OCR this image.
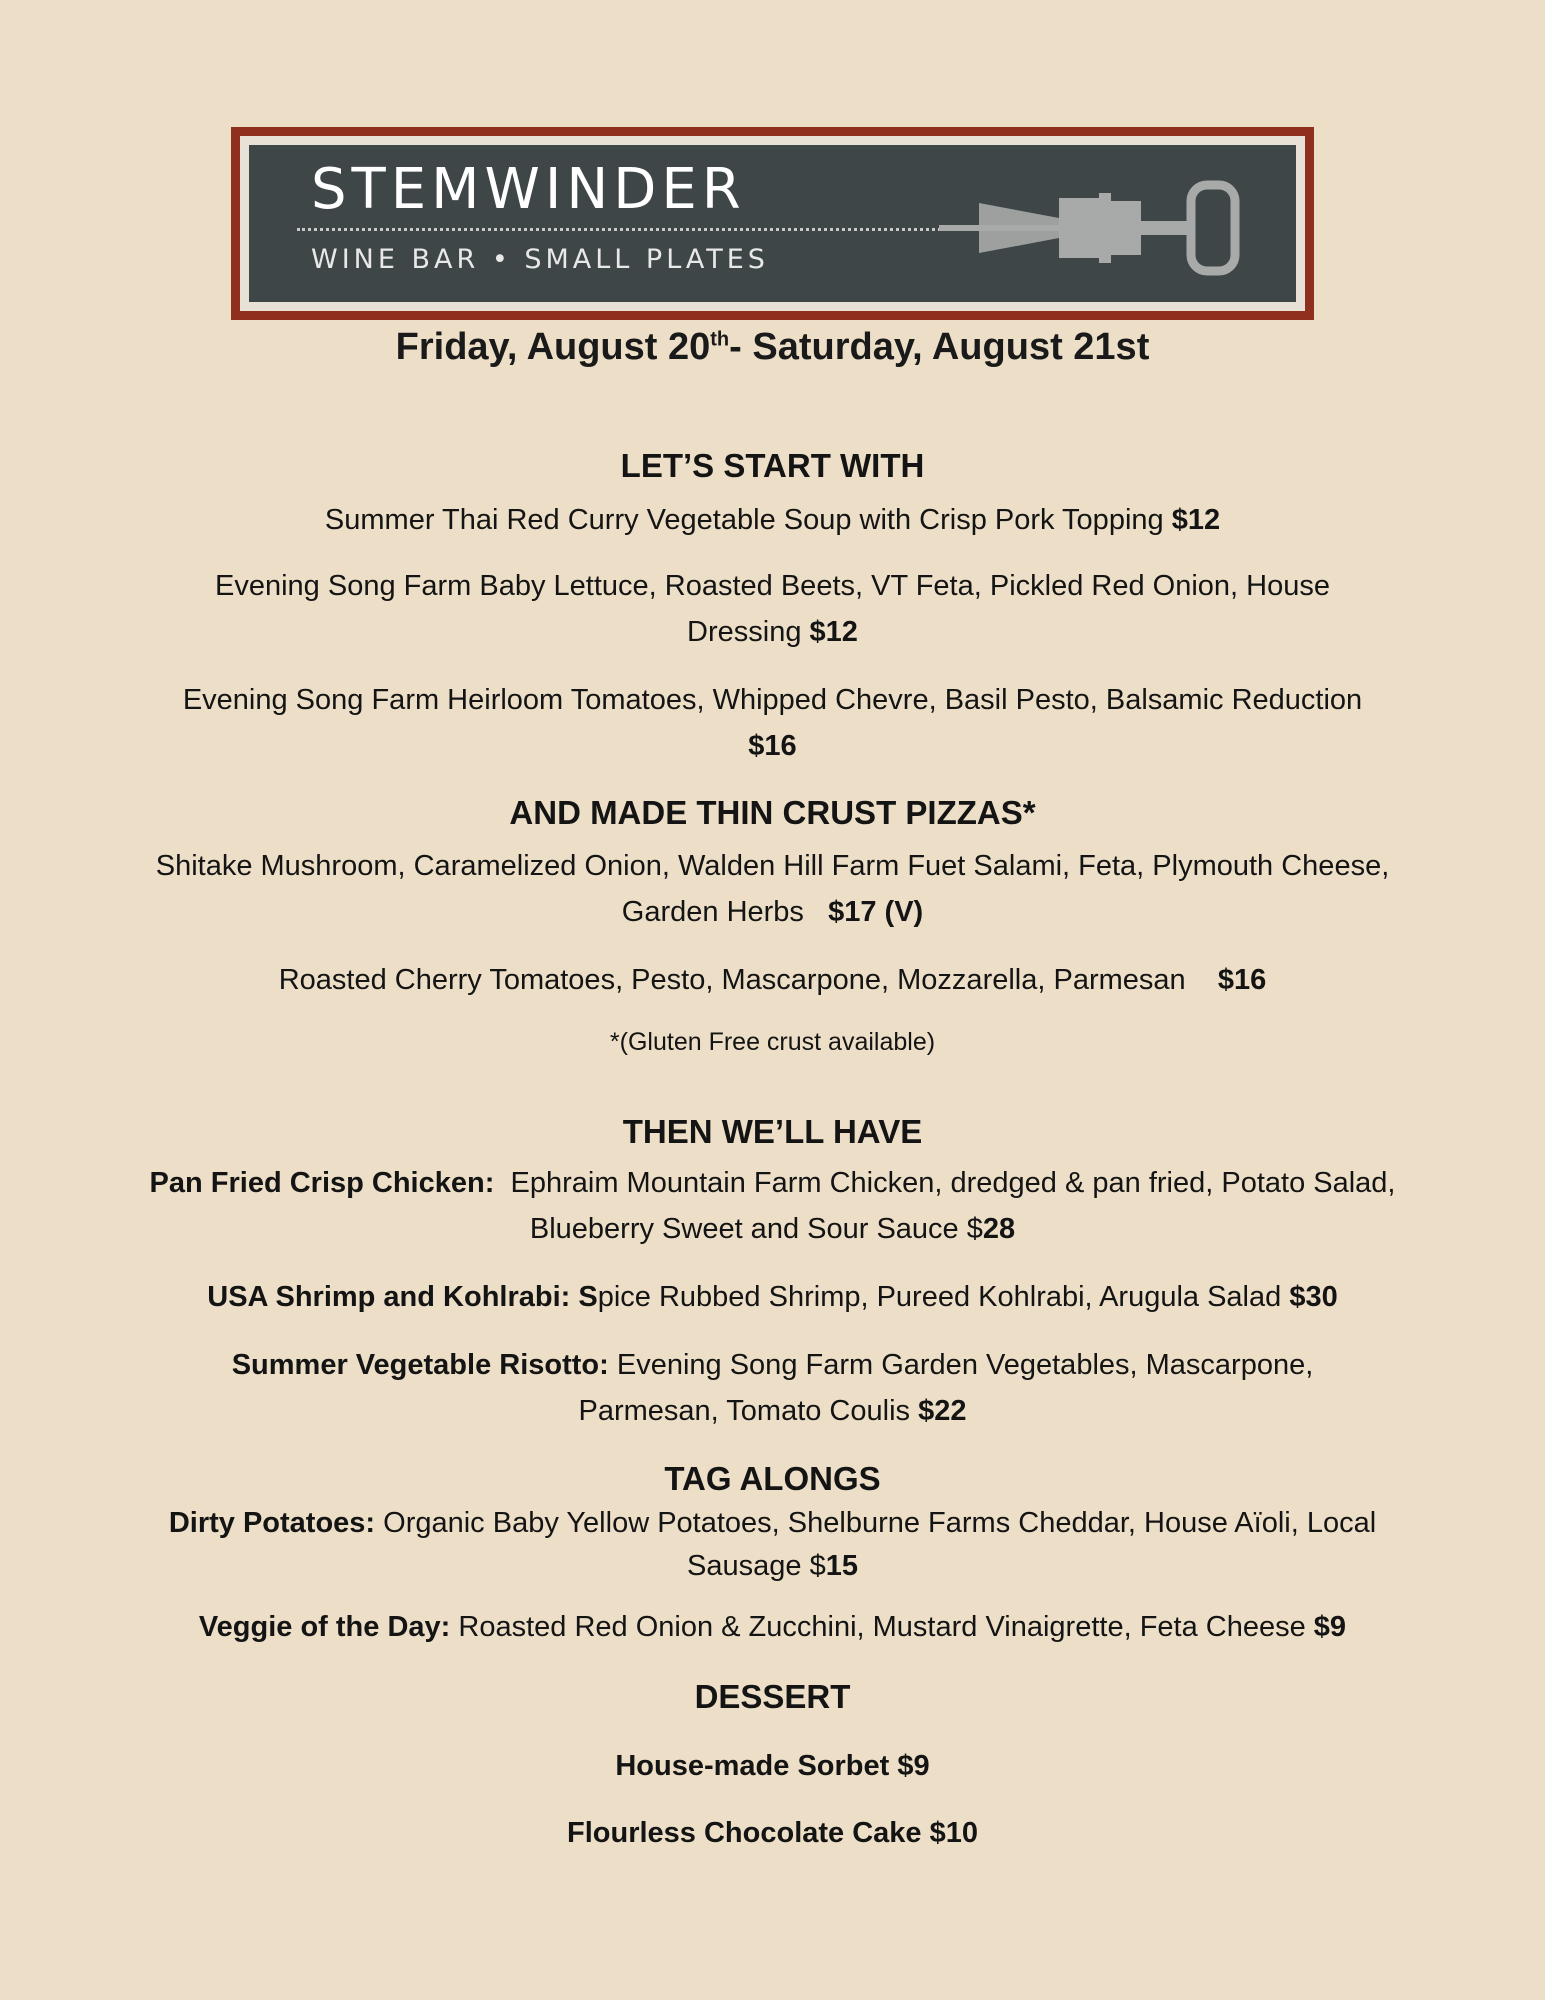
STEMWINDER
WINE BAR • SMALL PLATES
Friday, August 20th- Saturday, August 21st
LET’S START WITH
Summer Thai Red Curry Vegetable Soup with Crisp Pork Topping $12
Evening Song Farm Baby Lettuce, Roasted Beets, VT Feta, Pickled Red Onion, House Dressing $12
Evening Song Farm Heirloom Tomatoes, Whipped Chevre, Basil Pesto, Balsamic Reduction
$16
AND MADE THIN CRUST PIZZAS*
Shitake Mushroom, Caramelized Onion, Walden Hill Farm Fuet Salami, Feta, Plymouth Cheese, Garden Herbs $17 (V)
Roasted Cherry Tomatoes, Pesto, Mascarpone, Mozzarella, Parmesan $16
*(Gluten Free crust available)
THEN WE’LL HAVE
Pan Fried Crisp Chicken: Ephraim Mountain Farm Chicken, dredged & pan fried, Potato Salad, Blueberry Sweet and Sour Sauce $28
USA Shrimp and Kohlrabi: Spice Rubbed Shrimp, Pureed Kohlrabi, Arugula Salad $30
Summer Vegetable Risotto: Evening Song Farm Garden Vegetables, Mascarpone, Parmesan, Tomato Coulis $22
TAG ALONGS
Dirty Potatoes: Organic Baby Yellow Potatoes, Shelburne Farms Cheddar, House Aïoli, Local Sausage $15
Veggie of the Day: Roasted Red Onion & Zucchini, Mustard Vinaigrette, Feta Cheese $9
DESSERT
House-made Sorbet $9
Flourless Chocolate Cake $10
